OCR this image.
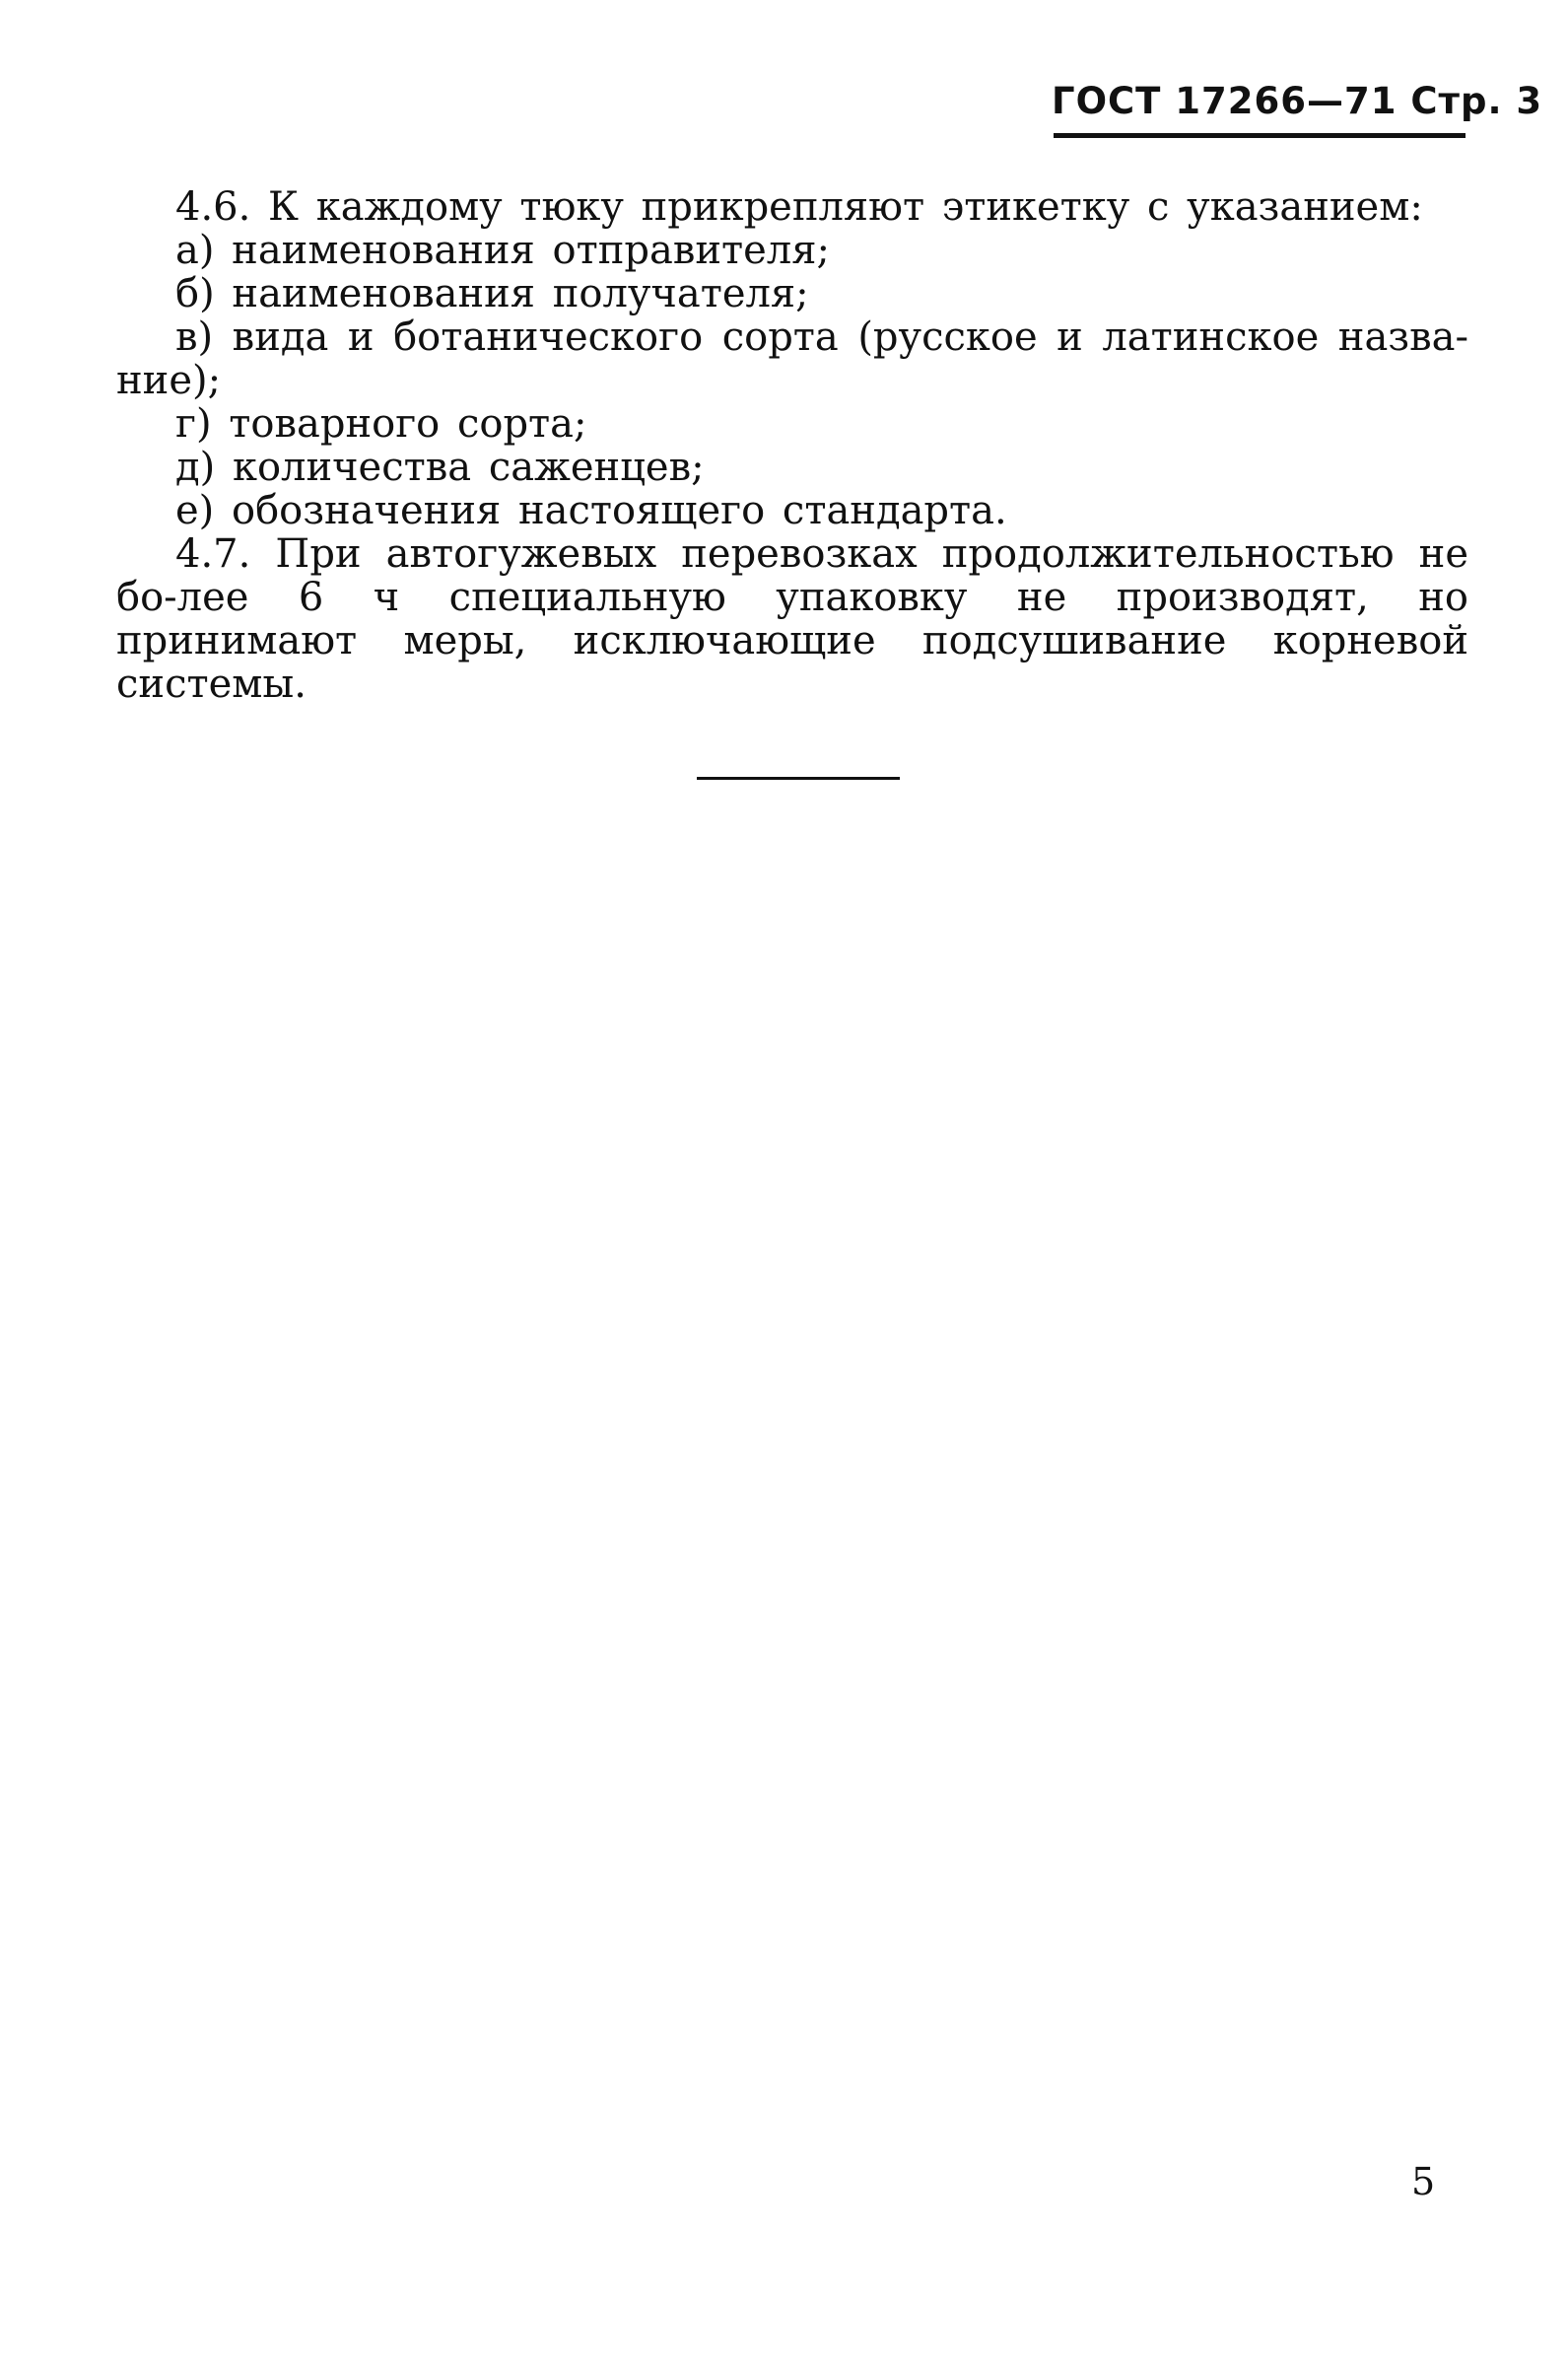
ГОСТ 17266—71 Стр. 3

4.6. К каждому тюку прикрепляют этикетку с указанием:

а) наименования отправителя;

б) наименования получателя;

в) вида и ботанического сорта (русское и латинское назва-ние);

г) товарного сорта;

д) количества саженцев;

е) обозначения настоящего стандарта.

4.7. При автогужевых перевозках продолжительностью не бо-лее 6 ч специальную упаковку не производят, но принимают меры, исключающие подсушивание корневой системы.

5
